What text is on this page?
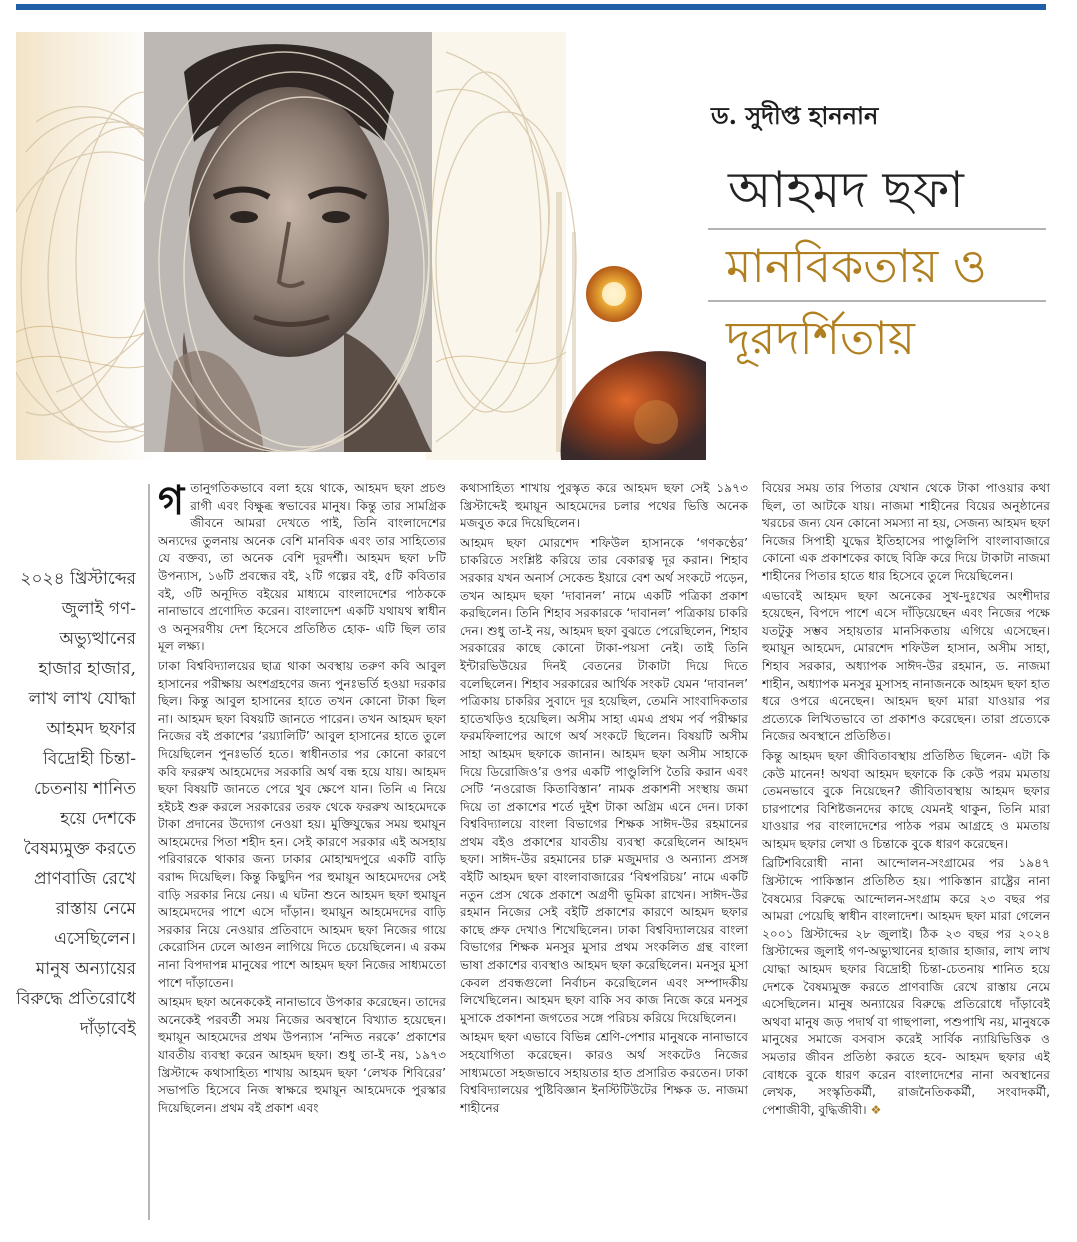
ড. সুদীপ্ত হাননান
আহমদ ছফা
মানবিকতায় ও
দূরদর্শিতায়
২০২৪ খ্রিস্টাব্দের জুলাই গণ-অভ্যুত্থানের হাজার হাজার, লাখ লাখ যোদ্ধা আহমদ ছফার বিদ্রোহী চিন্তা-চেতনায় শানিত হয়ে দেশকে বৈষম্যমুক্ত করতে প্রাণবাজি রেখে রাস্তায় নেমে এসেছিলেন। মানুষ অন্যায়ের বিরুদ্ধে প্রতিরোধে দাঁড়াবেই

গতানুগতিকভাবে বলা হয়ে থাকে, আহমদ ছফা প্রচণ্ড রাগী এবং বিক্ষুব্ধ স্বভাবের মানুষ। কিন্তু তার সামগ্রিক জীবনে আমরা দেখতে পাই, তিনি বাংলাদেশের অন্যদের তুলনায় অনেক বেশি মানবিক এবং তার সাহিত্যের যে বক্তব্য, তা অনেক বেশি দূরদর্শী। আহমদ ছফা ৮টি উপন্যাস, ১৬টি প্রবন্ধের বই, ২টি গল্পের বই, ৫টি কবিতার বই, ৩টি অনূদিত বইয়ের মাধ্যমে বাংলাদেশের পাঠককে নানাভাবে প্রণোদিত করেন। বাংলাদেশ একটি যথাযথ স্বাধীন ও অনুসরণীয় দেশ হিসেবে প্রতিষ্ঠিত হোক- এটি ছিল তার মূল লক্ষ্য।

ঢাকা বিশ্ববিদ্যালয়ের ছাত্র থাকা অবস্থায় তরুণ কবি আবুল হাসানের পরীক্ষায় অংশগ্রহণের জন্য পুনঃভর্তি হওয়া দরকার ছিল। কিন্তু আবুল হাসানের হাতে তখন কোনো টাকা ছিল না। আহমদ ছফা বিষয়টি জানতে পারেন। তখন আহমদ ছফা নিজের বই প্রকাশের ‘রয়্যালিটি’ আবুল হাসানের হাতে তুলে দিয়েছিলেন পুনঃভর্তি হতে। স্বাধীনতার পর কোনো কারণে কবি ফররুখ আহমেদের সরকারি অর্থ বন্ধ হয়ে যায়। আহমদ ছফা বিষয়টি জানতে পেরে খুব ক্ষেপে যান। তিনি এ নিয়ে হইচই শুরু করলে সরকারের তরফ থেকে ফররুখ আহমেদকে টাকা প্রদানের উদ্যোগ নেওয়া হয়। মুক্তিযুদ্ধের সময় হুমায়ূন আহমেদের পিতা শহীদ হন। সেই কারণে সরকার এই অসহায় পরিবারকে থাকার জন্য ঢাকার মোহাম্মদপুরে একটি বাড়ি বরাদ্দ দিয়েছিল। কিন্তু কিছুদিন পর হুমায়ূন আহমেদদের সেই বাড়ি সরকার নিয়ে নেয়। এ ঘটনা শুনে আহমদ ছফা হুমায়ূন আহমেদদের পাশে এসে দাঁড়ান। হুমায়ূন আহমেদদের বাড়ি সরকার নিয়ে নেওয়ার প্রতিবাদে আহমদ ছফা নিজের গায়ে কেরোসিন ঢেলে আগুন লাগিয়ে দিতে চেয়েছিলেন। এ রকম নানা বিপদাপন্ন মানুষের পাশে আহমদ ছফা নিজের সাধ্যমতো পাশে দাঁড়াতেন।

আহমদ ছফা অনেককেই নানাভাবে উপকার করেছেন। তাদের অনেকেই পরবর্তী সময় নিজের অবস্থানে বিখ্যাত হয়েছেন। হুমায়ূন আহমেদের প্রথম উপন্যাস ‘নন্দিত নরকে’ প্রকাশের যাবতীয় ব্যবস্থা করেন আহমদ ছফা। শুধু তা-ই নয়, ১৯৭৩ খ্রিস্টাব্দে কথাসাহিত্য শাখায় আহমদ ছফা ‘লেখক শিবিরের’ সভাপতি হিসেবে নিজ স্বাক্ষরে হুমায়ূন আহমেদকে পুরস্কার দিয়েছিলেন। প্রথম বই প্রকাশ এবং

কথাসাহিত্য শাখায় পুরস্কৃত করে আহমদ ছফা সেই ১৯৭৩ খ্রিস্টাব্দেই হুমায়ূন আহমেদের চলার পথের ভিত্তি অনেক মজবুত করে দিয়েছিলেন।

আহমদ ছফা মোরশেদ শফিউল হাসানকে ‘গণকণ্ঠের’ চাকরিতে সংশ্লিষ্ট করিয়ে তার বেকারত্ব দূর করান। শিহাব সরকার যখন অনার্স সেকেন্ড ইয়ারে বেশ অর্থ সংকটে পড়েন, তখন আহমদ ছফা ‘দাবানল’ নামে একটি পত্রিকা প্রকাশ করছিলেন। তিনি শিহাব সরকারকে ‘দাবানল’ পত্রিকায় চাকরি দেন। শুধু তা-ই নয়, আহমদ ছফা বুঝতে পেরেছিলেন, শিহাব সরকারের কাছে কোনো টাকা-পয়সা নেই। তাই তিনি ইন্টারভিউয়ের দিনই বেতনের টাকাটা দিয়ে দিতে বলেছিলেন। শিহাব সরকারের আর্থিক সংকট যেমন ‘দাবানল’ পত্রিকায় চাকরির সুবাদে দূর হয়েছিল, তেমনি সাংবাদিকতার হাতেখড়িও হয়েছিল। অসীম সাহা এমএ প্রথম পর্ব পরীক্ষার ফরমফিলাপের আগে অর্থ সংকটে ছিলেন। বিষয়টি অসীম সাহা আহমদ ছফাকে জানান। আহমদ ছফা অসীম সাহাকে দিয়ে ডিরোজিও’র ওপর একটি পাণ্ডুলিপি তৈরি করান এবং সেটি ‘নওরোজ কিতাবিস্তান’ নামক প্রকাশনী সংস্থায় জমা দিয়ে তা প্রকাশের শর্তে দুইশ টাকা অগ্রিম এনে দেন। ঢাকা বিশ্ববিদ্যালয়ে বাংলা বিভাগের শিক্ষক সাঈদ-উর রহমানের প্রথম বইও প্রকাশের যাবতীয় ব্যবস্থা করেছিলেন আহমদ ছফা। সাঈদ-উর রহমানের চারু মজুমদার ও অন্যান্য প্রসঙ্গ বইটি আহমদ ছফা বাংলাবাজারের ‘বিশ্বপরিচয়’ নামে একটি নতুন প্রেস থেকে প্রকাশে অগ্রণী ভূমিকা রাখেন। সাঈদ-উর রহমান নিজের সেই বইটি প্রকাশের কারণে আহমদ ছফার কাছে প্রুফ দেখাও শিখেছিলেন। ঢাকা বিশ্ববিদ্যালয়ের বাংলা বিভাগের শিক্ষক মনসুর মুসার প্রথম সংকলিত গ্রন্থ বাংলা ভাষা প্রকাশের ব্যবস্থাও আহমদ ছফা করেছিলেন। মনসুর মুসা কেবল প্রবন্ধগুলো নির্বাচন করেছিলেন এবং সম্পাদকীয় লিখেছিলেন। আহমদ ছফা বাকি সব কাজ নিজে করে মনসুর মুসাকে প্রকাশনা জগতের সঙ্গে পরিচয় করিয়ে দিয়েছিলেন।

আহমদ ছফা এভাবে বিভিন্ন শ্রেণি-পেশার মানুষকে নানাভাবে সহযোগিতা করেছেন। কারও অর্থ সংকটেও নিজের সাধ্যমতো সহজভাবে সহায়তার হাত প্রসারিত করতেন। ঢাকা বিশ্ববিদ্যালয়ের পুষ্টিবিজ্ঞান ইনস্টিটিউটের শিক্ষক ড. নাজমা শাহীনের

বিয়ের সময় তার পিতার যেখান থেকে টাকা পাওয়ার কথা ছিল, তা আটকে যায়। নাজমা শাহীনের বিয়ের অনুষ্ঠানের খরচের জন্য যেন কোনো সমস্যা না হয়, সেজন্য আহমদ ছফা নিজের সিপাহী যুদ্ধের ইতিহাসের পাণ্ডুলিপি বাংলাবাজারে কোনো এক প্রকাশকের কাছে বিক্রি করে দিয়ে টাকাটা নাজমা শাহীনের পিতার হাতে ধার হিসেবে তুলে দিয়েছিলেন।

এভাবেই আহমদ ছফা অনেকের সুখ-দুঃখের অংশীদার হয়েছেন, বিপদে পাশে এসে দাঁড়িয়েছেন এবং নিজের পক্ষে যতটুকু সম্ভব সহায়তার মানসিকতায় এগিয়ে এসেছেন। হুমায়ূন আহমেদ, মোরশেদ শফিউল হাসান, অসীম সাহা, শিহাব সরকার, অধ্যাপক সাঈদ-উর রহমান, ড. নাজমা শাহীন, অধ্যাপক মনসুর মুসাসহ নানাজনকে আহমদ ছফা হাত ধরে ওপরে এনেছেন। আহমদ ছফা মারা যাওয়ার পর প্রত্যেকে লিখিতভাবে তা প্রকাশও করেছেন। তারা প্রত্যেকে নিজের অবস্থানে প্রতিষ্ঠিত।

কিন্তু আহমদ ছফা জীবিতাবস্থায় প্রতিষ্ঠিত ছিলেন- এটা কি কেউ মানেন! অথবা আহমদ ছফাকে কি কেউ পরম মমতায় তেমনভাবে বুকে নিয়েছেন? জীবিতাবস্থায় আহমদ ছফার চারপাশের বিশিষ্টজনদের কাছে যেমনই থাকুন, তিনি মারা যাওয়ার পর বাংলাদেশের পাঠক পরম আগ্রহে ও মমতায় আহমদ ছফার লেখা ও চিন্তাকে বুকে ধারণ করেছেন।

ব্রিটিশবিরোধী নানা আন্দোলন-সংগ্রামের পর ১৯৪৭ খ্রিস্টাব্দে পাকিস্তান প্রতিষ্ঠিত হয়। পাকিস্তান রাষ্ট্রের নানা বৈষম্যের বিরুদ্ধে আন্দোলন-সংগ্রাম করে ২৩ বছর পর আমরা পেয়েছি স্বাধীন বাংলাদেশ। আহমদ ছফা মারা গেলেন ২০০১ খ্রিস্টাব্দের ২৮ জুলাই। ঠিক ২৩ বছর পর ২০২৪ খ্রিস্টাব্দের জুলাই গণ-অভ্যুত্থানের হাজার হাজার, লাখ লাখ যোদ্ধা আহমদ ছফার বিদ্রোহী চিন্তা-চেতনায় শানিত হয়ে দেশকে বৈষম্যমুক্ত করতে প্রাণবাজি রেখে রাস্তায় নেমে এসেছিলেন। মানুষ অন্যায়ের বিরুদ্ধে প্রতিরোধে দাঁড়াবেই অথবা মানুষ জড় পদার্থ বা গাছপালা, পশুপাখি নয়, মানুষকে মানুষের সমাজে বসবাস করেই সার্বিক ন্যায়িভিত্তিক ও সমতার জীবন প্রতিষ্ঠা করতে হবে- আহমদ ছফার এই বোধকে বুকে ধারণ করেন বাংলাদেশের নানা অবস্থানের লেখক, সংস্কৃতিকর্মী, রাজনৈতিককর্মী, সংবাদকর্মী, পেশাজীবী, বুদ্ধিজীবী। ❖
